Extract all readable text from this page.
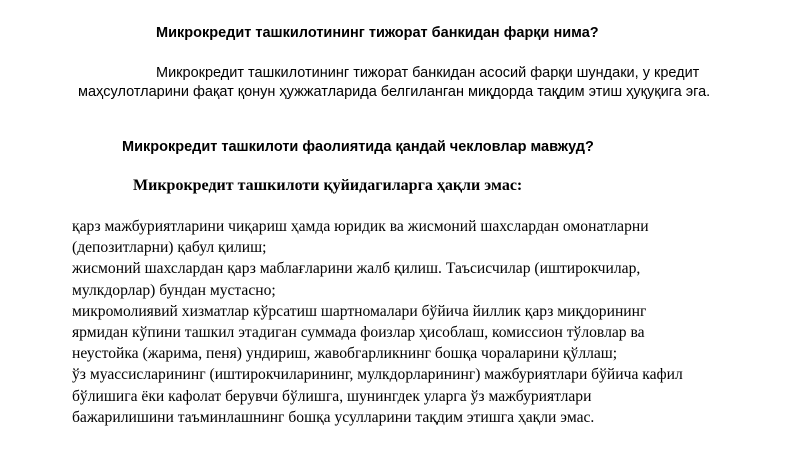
Микрокредит ташкилотининг тижорат банкидан фарқи нима?
Микрокредит ташкилотининг тижорат банкидан асосий фарқи шундаки, у кредит маҳсулотларини фақат қонун ҳужжатларида белгиланган миқдорда тақдим этиш ҳуқуқига эга.
Микрокредит ташкилоти фаолиятида қандай чекловлар мавжуд?
Микрокредит ташкилоти қуйидагиларга ҳақли эмас:
қарз мажбуриятларини чиқариш ҳамда юридик ва жисмоний шахслардан омонатларни
(депозитларни) қабул қилиш;
жисмоний шахслардан қарз маблағларини жалб қилиш. Таъсисчилар (иштирокчилар,
мулкдорлар) бундан мустасно;
микромолиявий хизматлар кўрсатиш шартномалари бўйича йиллик қарз миқдорининг
ярмидан кўпини ташкил этадиган суммада фоизлар ҳисоблаш, комиссион тўловлар ва
неустойка (жарима, пеня) ундириш, жавобгарликнинг бошқа чораларини қўллаш;
ўз муассисларининг (иштирокчиларининг, мулкдорларининг) мажбуриятлари бўйича кафил
бўлишига ёки кафолат берувчи бўлишга, шунингдек уларга ўз мажбуриятлари
бажарилишини таъминлашнинг бошқа усулларини тақдим этишга ҳақли эмас.
